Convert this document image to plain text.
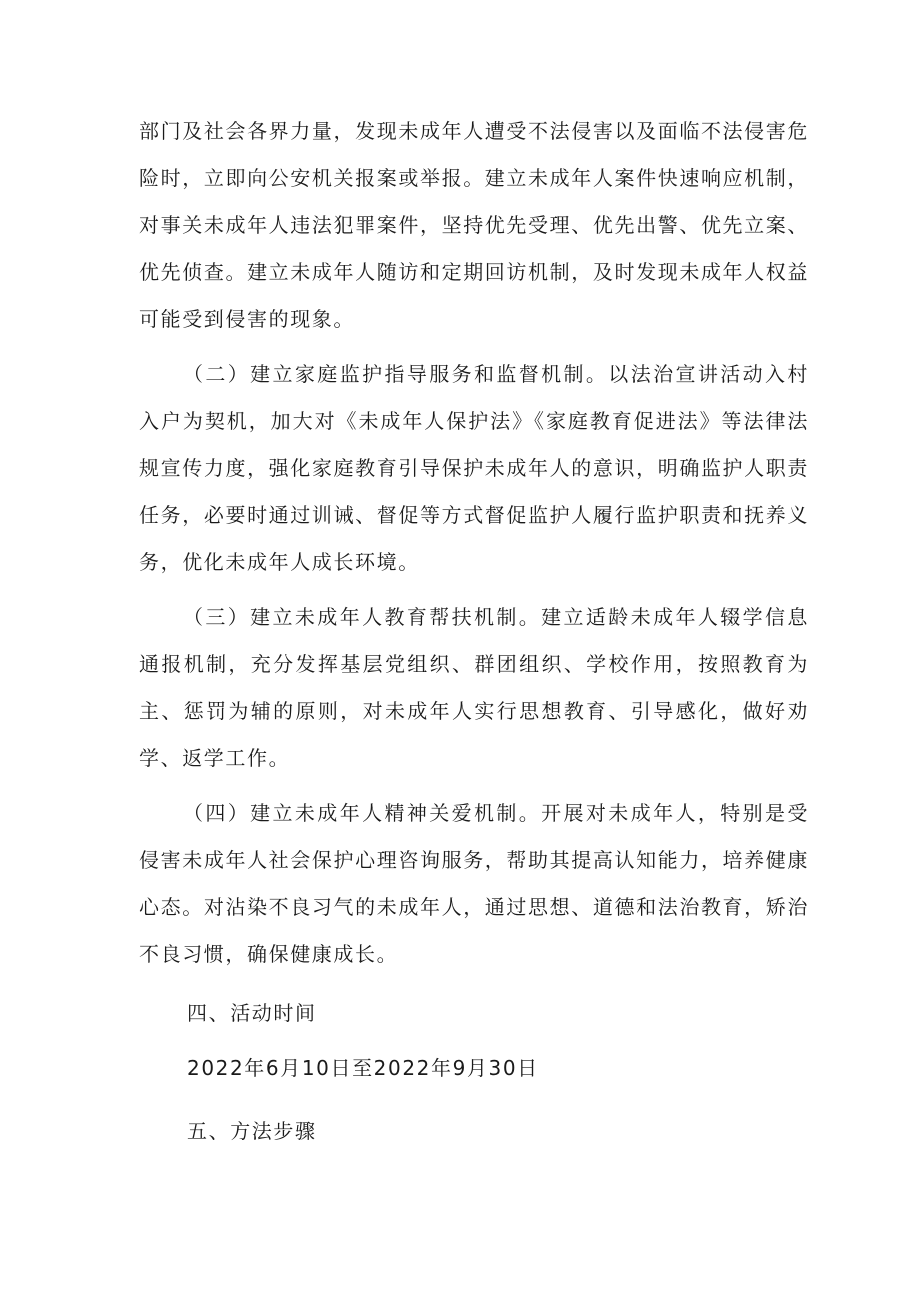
部门及社会各界力量，发现未成年人遭受不法侵害以及面临不法侵害危险时，立即向公安机关报案或举报。建立未成年人案件快速响应机制，对事关未成年人违法犯罪案件，坚持优先受理、优先出警、优先立案、优先侦查。建立未成年人随访和定期回访机制，及时发现未成年人权益可能受到侵害的现象。

（二）建立家庭监护指导服务和监督机制。以法治宣讲活动入村入户为契机，加大对《未成年人保护法》《家庭教育促进法》等法律法规宣传力度，强化家庭教育引导保护未成年人的意识，明确监护人职责任务，必要时通过训诫、督促等方式督促监护人履行监护职责和抚养义务，优化未成年人成长环境。

（三）建立未成年人教育帮扶机制。建立适龄未成年人辍学信息通报机制，充分发挥基层党组织、群团组织、学校作用，按照教育为主、惩罚为辅的原则，对未成年人实行思想教育、引导感化，做好劝学、返学工作。

（四）建立未成年人精神关爱机制。开展对未成年人，特别是受侵害未成年人社会保护心理咨询服务，帮助其提高认知能力，培养健康心态。对沾染不良习气的未成年人，通过思想、道德和法治教育，矫治不良习惯，确保健康成长。

四、活动时间

2022年6月10日至2022年9月30日

五、方法步骤
